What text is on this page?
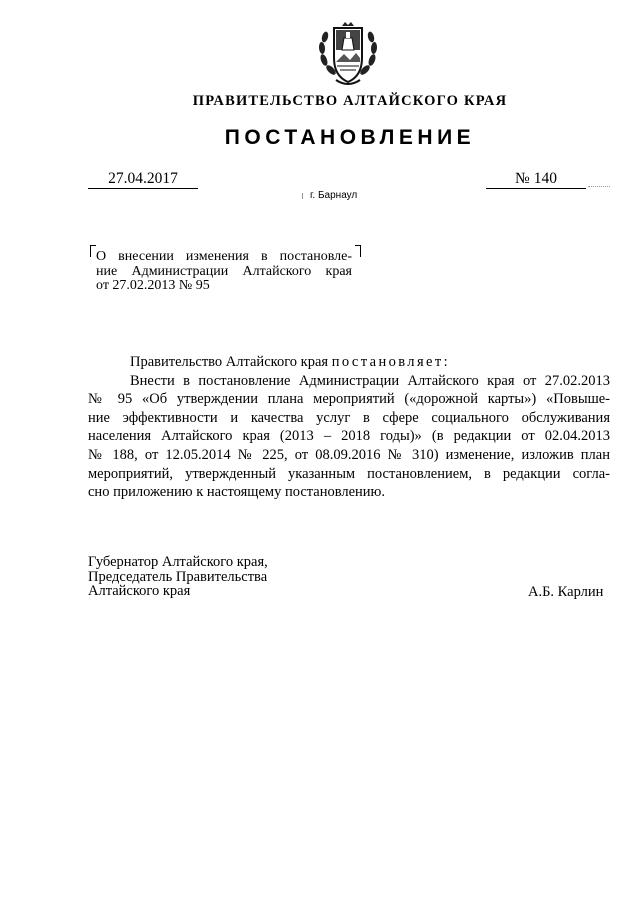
ПРАВИТЕЛЬСТВО АЛТАЙСКОГО КРАЯ
ПОСТАНОВЛЕНИЕ
27.04.2017	№ 140
г. Барнаул
О внесении изменения в постановле-
ние Администрации Алтайского края
от 27.02.2013 № 95
Правительство Алтайского края постановляет:
Внести в постановление Администрации Алтайского края от 27.02.2013
№ 95 «Об утверждении плана мероприятий («дорожной карты») «Повыше-
ние эффективности и качества услуг в сфере социального обслуживания
населения Алтайского края (2013 – 2018 годы)» (в редакции от 02.04.2013
№ 188, от 12.05.2014 № 225, от 08.09.2016 № 310) изменение, изложив план
мероприятий, утвержденный указанным постановлением, в редакции согла-
сно приложению к настоящему постановлению.
Губернатор Алтайского края,
Председатель Правительства
Алтайского края	А.Б. Карлин
